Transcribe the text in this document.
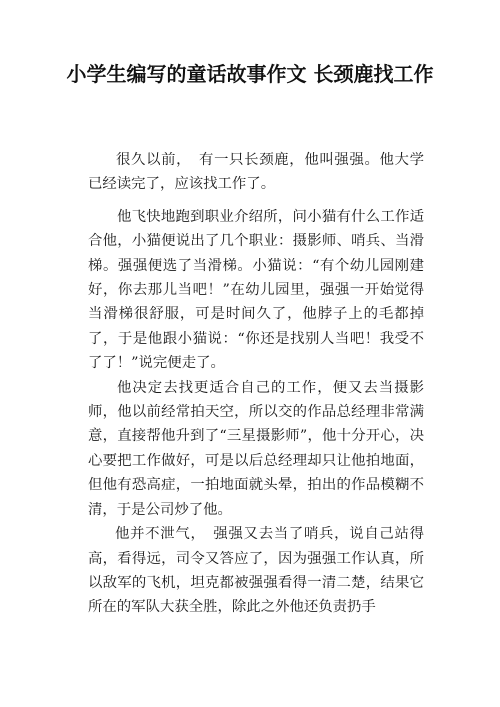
小学生编写的童话故事作文 长颈鹿找工作

很久以前，　有一只长颈鹿，他叫强强。他大学已经读完了，应该找工作了。

他飞快地跑到职业介绍所，问小猫有什么工作适合他，小猫便说出了几个职业：摄影师、哨兵、当滑梯。强强便选了当滑梯。小猫说：“有个幼儿园刚建好，你去那儿当吧！”在幼儿园里，强强一开始觉得当滑梯很舒服，可是时间久了，他脖子上的毛都掉了，于是他跟小猫说：“你还是找别人当吧！我受不了了！”说完便走了。

他决定去找更适合自己的工作，便又去当摄影师，他以前经常拍天空，所以交的作品总经理非常满意，直接帮他升到了“三星摄影师”，他十分开心，决心要把工作做好，可是以后总经理却只让他拍地面，但他有恐高症，一拍地面就头晕，拍出的作品模糊不清，于是公司炒了他。

他并不泄气，　强强又去当了哨兵，说自己站得高，看得远，司令又答应了，因为强强工作认真，所以敌军的飞机，坦克都被强强看得一清二楚，结果它所在的军队大获全胜，除此之外他还负责扔手
